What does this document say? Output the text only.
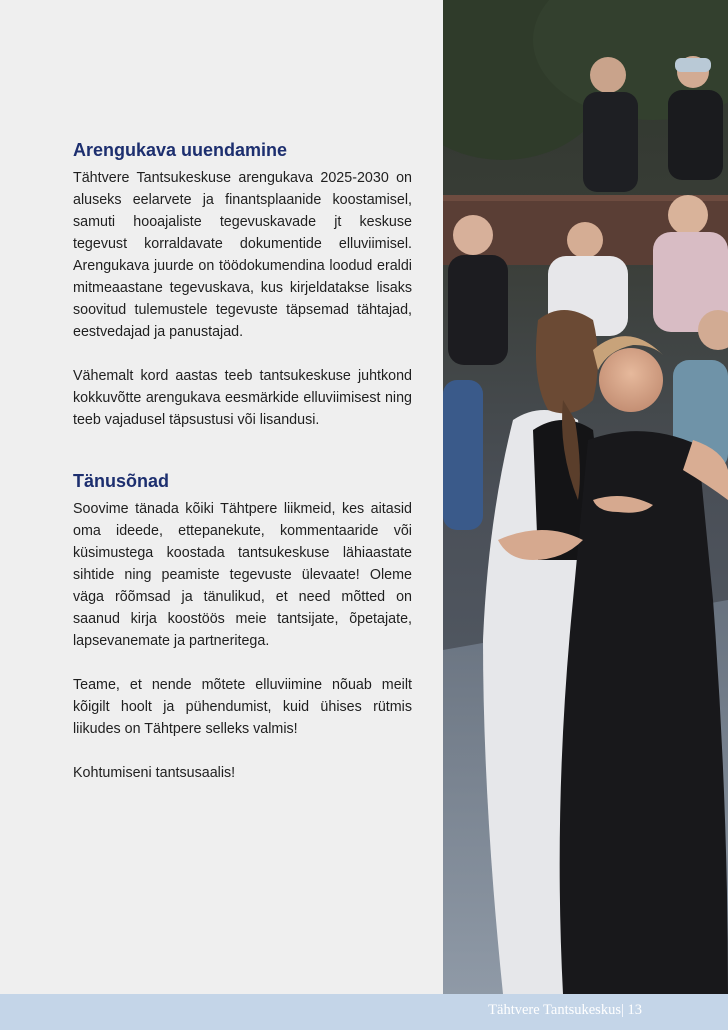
Arengukava uuendamine

Tähtvere Tantsukeskuse arengukava 2025-2030 on aluseks eelarvete ja finantsplaanide koostamisel, samuti hooajaliste tegevuskavade jt keskuse tegevust korraldavate dokumentide elluviimisel. Arengukava juurde on töödokumendina loodud eraldi mitmeaastane tegevuskava, kus kirjeldatakse lisaks soovitud tulemustele tegevuste täpsemad tähtajad, eestvedajad ja panustajad.

Vähemalt kord aastas teeb tantsukeskuse juhtkond kokkuvõtte arengukava eesmärkide elluviimisest ning teeb vajadusel täpsustusi või lisandusi.

Tänusõnad

Soovime tänada kõiki Tähtpere liikmeid, kes aitasid oma ideede, ettepanekute, kommentaaride või küsimustega koostada tantsukeskuse lähiaastate sihtide ning peamiste tegevuste ülevaate! Oleme väga rõõmsad ja tänulikud, et need mõtted on saanud kirja koostöös meie tantsijate, õpetajate, lapsevanemate ja partneritega.

Teame, et nende mõtete elluviimine nõuab meilt kõigilt hoolt ja pühendumist, kuid ühises rütmis liikudes on Tähtpere selleks valmis!

Kohtumiseni tantsusaalis!

Tähtvere Tantsukeskus| 13
